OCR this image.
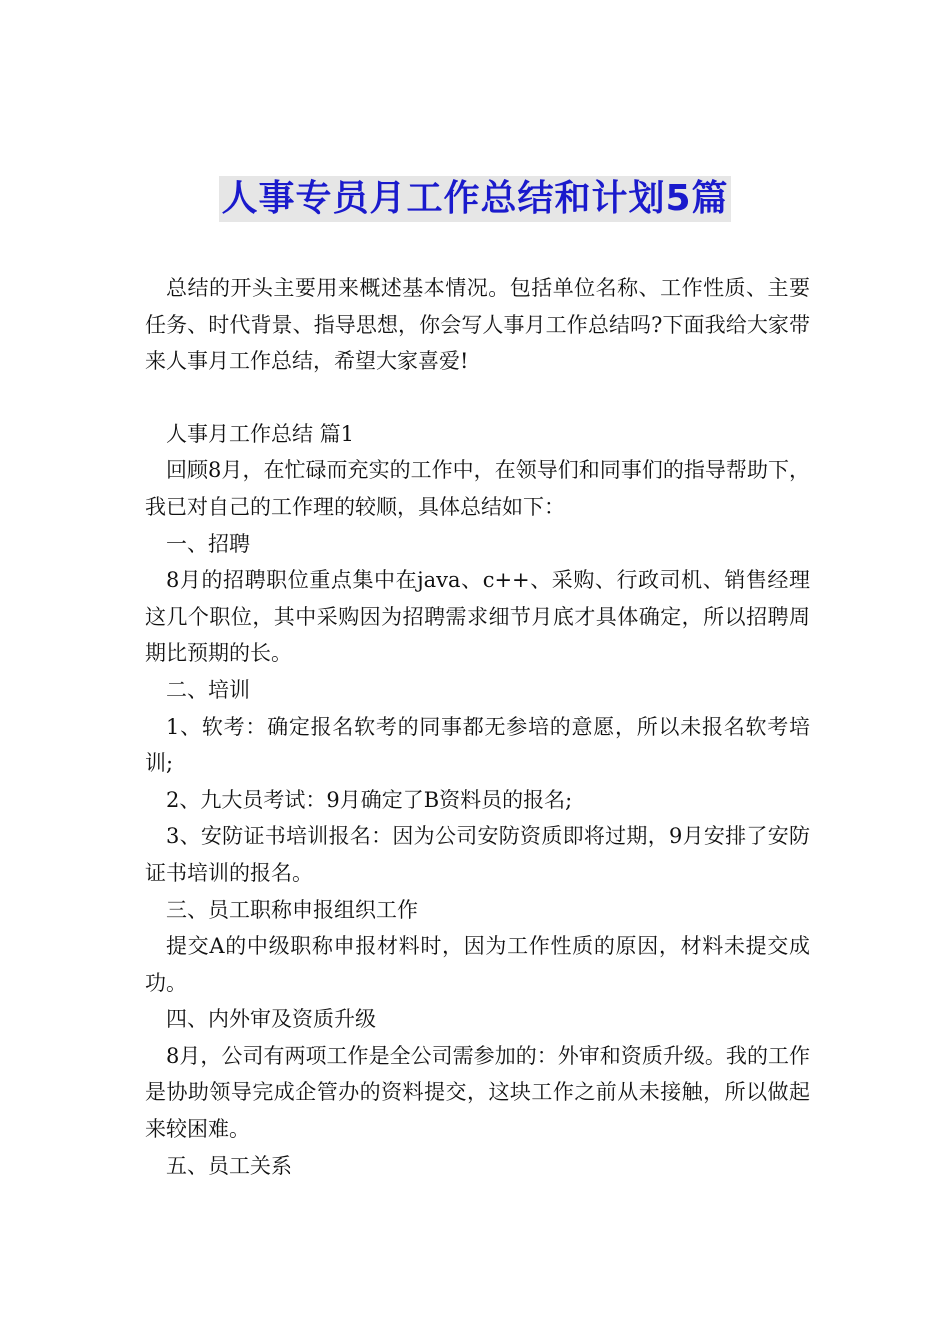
人事专员月工作总结和计划5篇

总结的开头主要用来概述基本情况。包括单位名称、工作性质、主要任务、时代背景、指导思想，你会写人事月工作总结吗?下面我给大家带来人事月工作总结，希望大家喜爱!

人事月工作总结 篇1

回顾8月，在忙碌而充实的工作中，在领导们和同事们的指导帮助下，我已对自己的工作理的较顺，具体总结如下：

一、招聘

8月的招聘职位重点集中在java、c++、采购、行政司机、销售经理这几个职位，其中采购因为招聘需求细节月底才具体确定，所以招聘周期比预期的长。

二、培训

1、软考：确定报名软考的同事都无参培的意愿，所以未报名软考培训;

2、九大员考试：9月确定了B资料员的报名;

3、安防证书培训报名：因为公司安防资质即将过期，9月安排了安防证书培训的报名。

三、员工职称申报组织工作

提交A的中级职称申报材料时，因为工作性质的原因，材料未提交成功。

四、内外审及资质升级

8月，公司有两项工作是全公司需参加的：外审和资质升级。我的工作是协助领导完成企管办的资料提交，这块工作之前从未接触，所以做起来较困难。

五、员工关系
